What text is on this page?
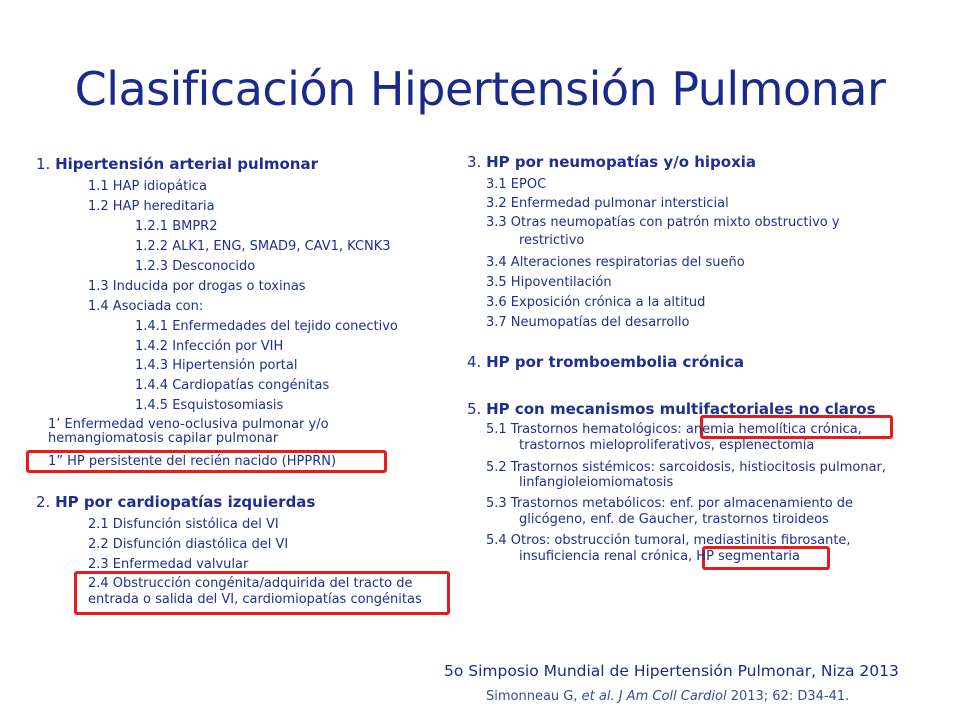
Clasificación Hipertensión Pulmonar
1. Hipertensión arterial pulmonar
1.1 HAP idiopática
1.2 HAP hereditaria
1.2.1 BMPR2
1.2.2 ALK1, ENG, SMAD9, CAV1, KCNK3
1.2.3 Desconocido
1.3 Inducida por drogas o toxinas
1.4 Asociada con:
1.4.1 Enfermedades del tejido conectivo
1.4.2 Infección por VIH
1.4.3 Hipertensión portal
1.4.4 Cardiopatías congénitas
1.4.5 Esquistosomiasis
1’ Enfermedad veno-oclusiva pulmonar y/o
hemangiomatosis capilar pulmonar
1” HP persistente del recién nacido (HPPRN)
2. HP por cardiopatías izquierdas
2.1 Disfunción sistólica del VI
2.2 Disfunción diastólica del VI
2.3 Enfermedad valvular
2.4 Obstrucción congénita/adquirida del tracto de
entrada o salida del VI, cardiomiopatías congénitas
3. HP por neumopatías y/o hipoxia
3.1 EPOC
3.2 Enfermedad pulmonar intersticial
3.3 Otras neumopatías con patrón mixto obstructivo y
restrictivo
3.4 Alteraciones respiratorias del sueño
3.5 Hipoventilación
3.6 Exposición crónica a la altitud
3.7 Neumopatías del desarrollo
4. HP por tromboembolia crónica
5. HP con mecanismos multifactoriales no claros
5.1 Trastornos hematológicos: anemia hemolítica crónica,
trastornos mieloproliferativos, esplenectomía
5.2 Trastornos sistémicos: sarcoidosis, histiocitosis pulmonar,
linfangioleiomiomatosis
5.3 Trastornos metabólicos: enf. por almacenamiento de
glicógeno, enf. de Gaucher, trastornos tiroideos
5.4 Otros: obstrucción tumoral, mediastinitis fibrosante,
insuficiencia renal crónica, HP segmentaria
5o Simposio Mundial de Hipertensión Pulmonar, Niza 2013
Simonneau G, et al. J Am Coll Cardiol 2013; 62: D34-41.
